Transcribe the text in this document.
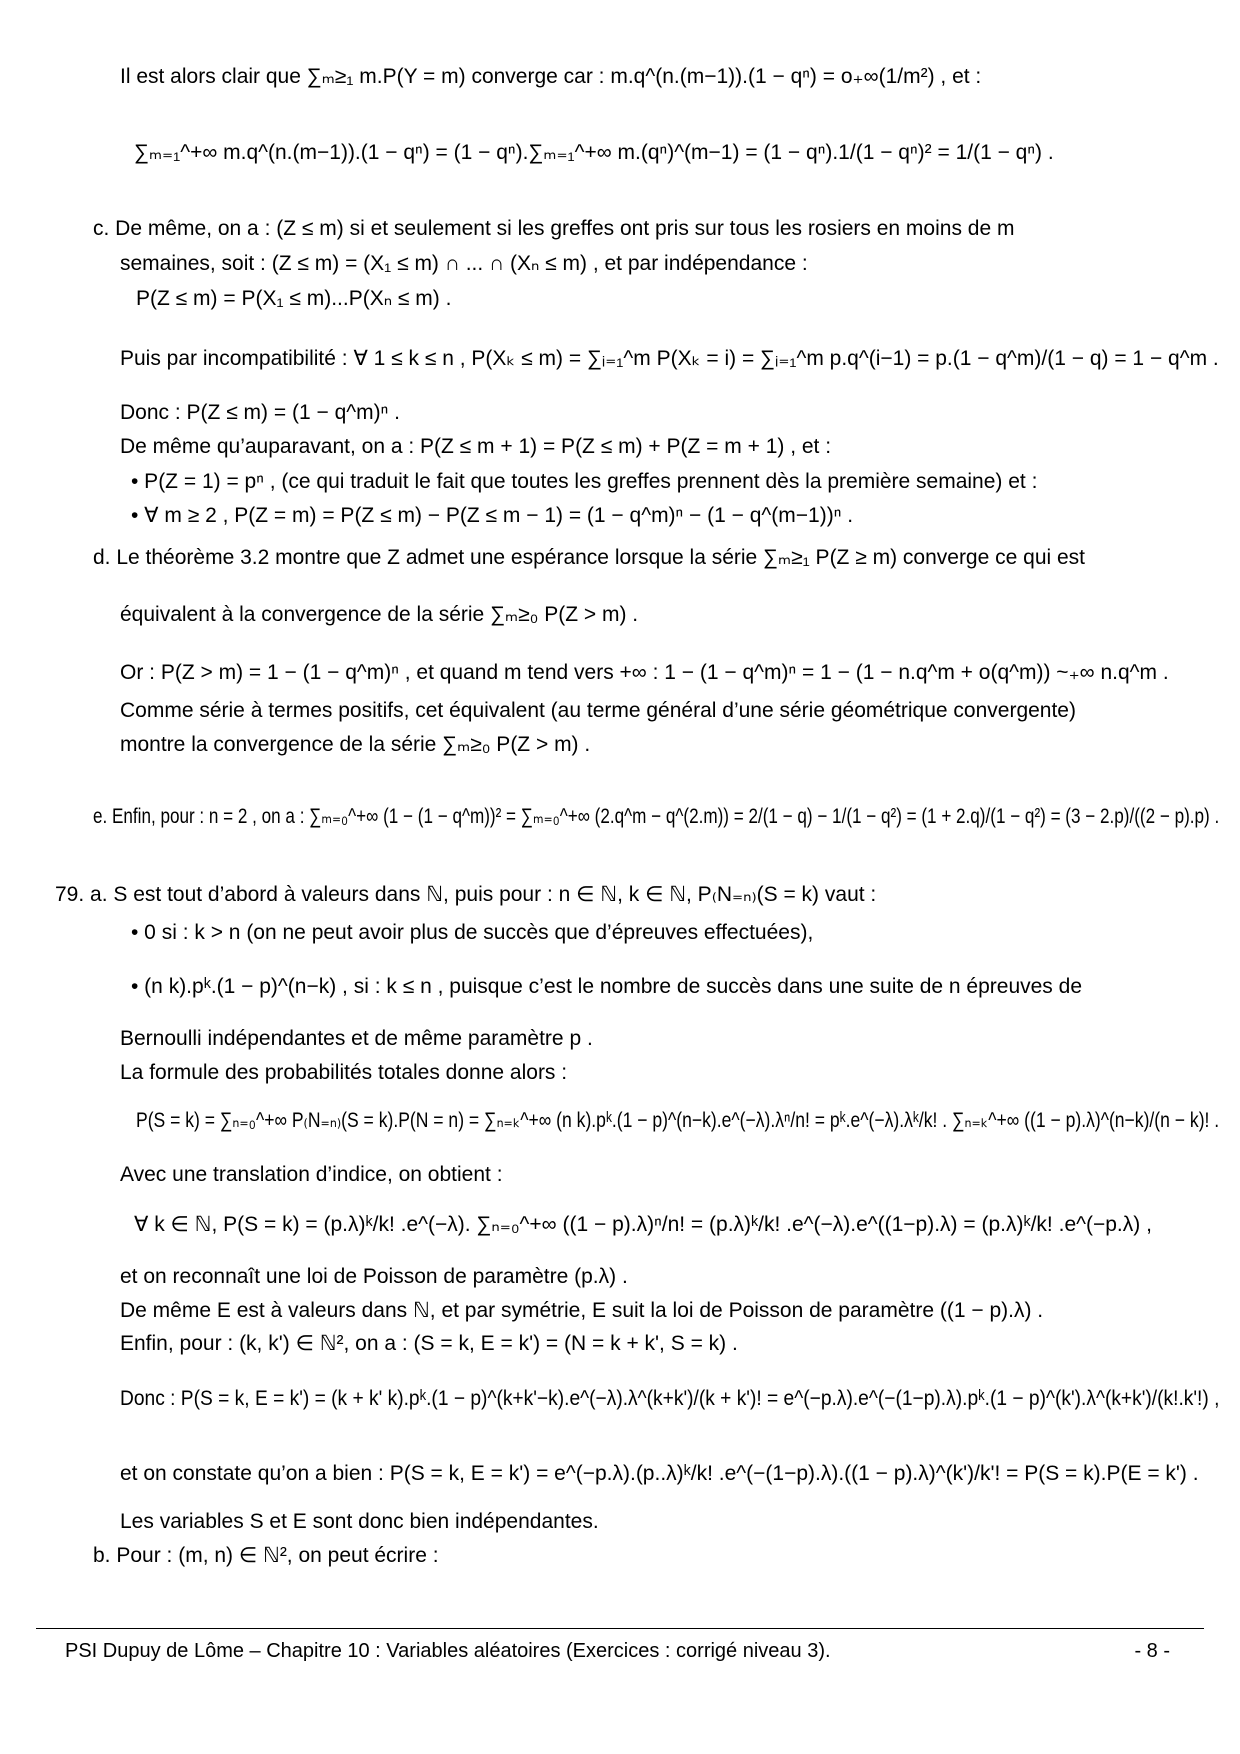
Il est alors clair que ∑ₘ≥₁ m.P(Y = m) converge car : m.q^(n.(m−1)).(1 − qⁿ) = o₊∞(1/m²) , et :
∑ₘ₌₁^+∞ m.q^(n.(m−1)).(1 − qⁿ) = (1 − qⁿ).∑ₘ₌₁^+∞ m.(qⁿ)^(m−1) = (1 − qⁿ).1/(1 − qⁿ)² = 1/(1 − qⁿ) .
c. De même, on a : (Z ≤ m) si et seulement si les greffes ont pris sur tous les rosiers en moins de m
semaines, soit : (Z ≤ m) = (X₁ ≤ m) ∩ ... ∩ (Xₙ ≤ m) , et par indépendance :
P(Z ≤ m) = P(X₁ ≤ m)...P(Xₙ ≤ m) .
Puis par incompatibilité : ∀ 1 ≤ k ≤ n , P(Xₖ ≤ m) = ∑ᵢ₌₁^m P(Xₖ = i) = ∑ᵢ₌₁^m p.q^(i−1) = p.(1 − q^m)/(1 − q) = 1 − q^m .
Donc : P(Z ≤ m) = (1 − q^m)ⁿ .
De même qu’auparavant, on a : P(Z ≤ m + 1) = P(Z ≤ m) + P(Z = m + 1) , et :
• P(Z = 1) = pⁿ , (ce qui traduit le fait que toutes les greffes prennent dès la première semaine) et :
• ∀ m ≥ 2 , P(Z = m) = P(Z ≤ m) − P(Z ≤ m − 1) = (1 − q^m)ⁿ − (1 − q^(m−1))ⁿ .
d. Le théorème 3.2 montre que Z admet une espérance lorsque la série ∑ₘ≥₁ P(Z ≥ m) converge ce qui est
équivalent à la convergence de la série ∑ₘ≥₀ P(Z > m) .
Or : P(Z > m) = 1 − (1 − q^m)ⁿ , et quand m tend vers +∞ : 1 − (1 − q^m)ⁿ = 1 − (1 − n.q^m + o(q^m)) ~₊∞ n.q^m .
Comme série à termes positifs, cet équivalent (au terme général d’une série géométrique convergente)
montre la convergence de la série ∑ₘ≥₀ P(Z > m) .
e. Enfin, pour : n = 2 , on a : ∑ₘ₌₀^+∞ (1 − (1 − q^m))² = ∑ₘ₌₀^+∞ (2.q^m − q^(2.m)) = 2/(1 − q) − 1/(1 − q²) = (1 + 2.q)/(1 − q²) = (3 − 2.p)/((2 − p).p) .
79. a. S est tout d’abord à valeurs dans ℕ, puis pour : n ∈ ℕ, k ∈ ℕ, P₍N₌ₙ₎(S = k) vaut :
• 0 si : k > n (on ne peut avoir plus de succès que d’épreuves effectuées),
• (n k).pᵏ.(1 − p)^(n−k) , si : k ≤ n , puisque c’est le nombre de succès dans une suite de n épreuves de
Bernoulli indépendantes et de même paramètre p .
La formule des probabilités totales donne alors :
P(S = k) = ∑ₙ₌₀^+∞ P₍N₌ₙ₎(S = k).P(N = n) = ∑ₙ₌ₖ^+∞ (n k).pᵏ.(1 − p)^(n−k).e^(−λ).λⁿ/n! = pᵏ.e^(−λ).λᵏ/k! . ∑ₙ₌ₖ^+∞ ((1 − p).λ)^(n−k)/(n − k)! .
Avec une translation d’indice, on obtient :
∀ k ∈ ℕ, P(S = k) = (p.λ)ᵏ/k! .e^(−λ). ∑ₙ₌₀^+∞ ((1 − p).λ)ⁿ/n! = (p.λ)ᵏ/k! .e^(−λ).e^((1−p).λ) = (p.λ)ᵏ/k! .e^(−p.λ) ,
et on reconnaît une loi de Poisson de paramètre (p.λ) .
De même E est à valeurs dans ℕ, et par symétrie, E suit la loi de Poisson de paramètre ((1 − p).λ) .
Enfin, pour : (k, k') ∈ ℕ², on a : (S = k, E = k') = (N = k + k', S = k) .
Donc : P(S = k, E = k') = (k + k' k).pᵏ.(1 − p)^(k+k'−k).e^(−λ).λ^(k+k')/(k + k')! = e^(−p.λ).e^(−(1−p).λ).pᵏ.(1 − p)^(k').λ^(k+k')/(k!.k'!) ,
et on constate qu’on a bien : P(S = k, E = k') = e^(−p.λ).(p..λ)ᵏ/k! .e^(−(1−p).λ).((1 − p).λ)^(k')/k'! = P(S = k).P(E = k') .
Les variables S et E sont donc bien indépendantes.
b. Pour : (m, n) ∈ ℕ², on peut écrire :
PSI Dupuy de Lôme – Chapitre 10 : Variables aléatoires (Exercices : corrigé niveau 3).	- 8 -
